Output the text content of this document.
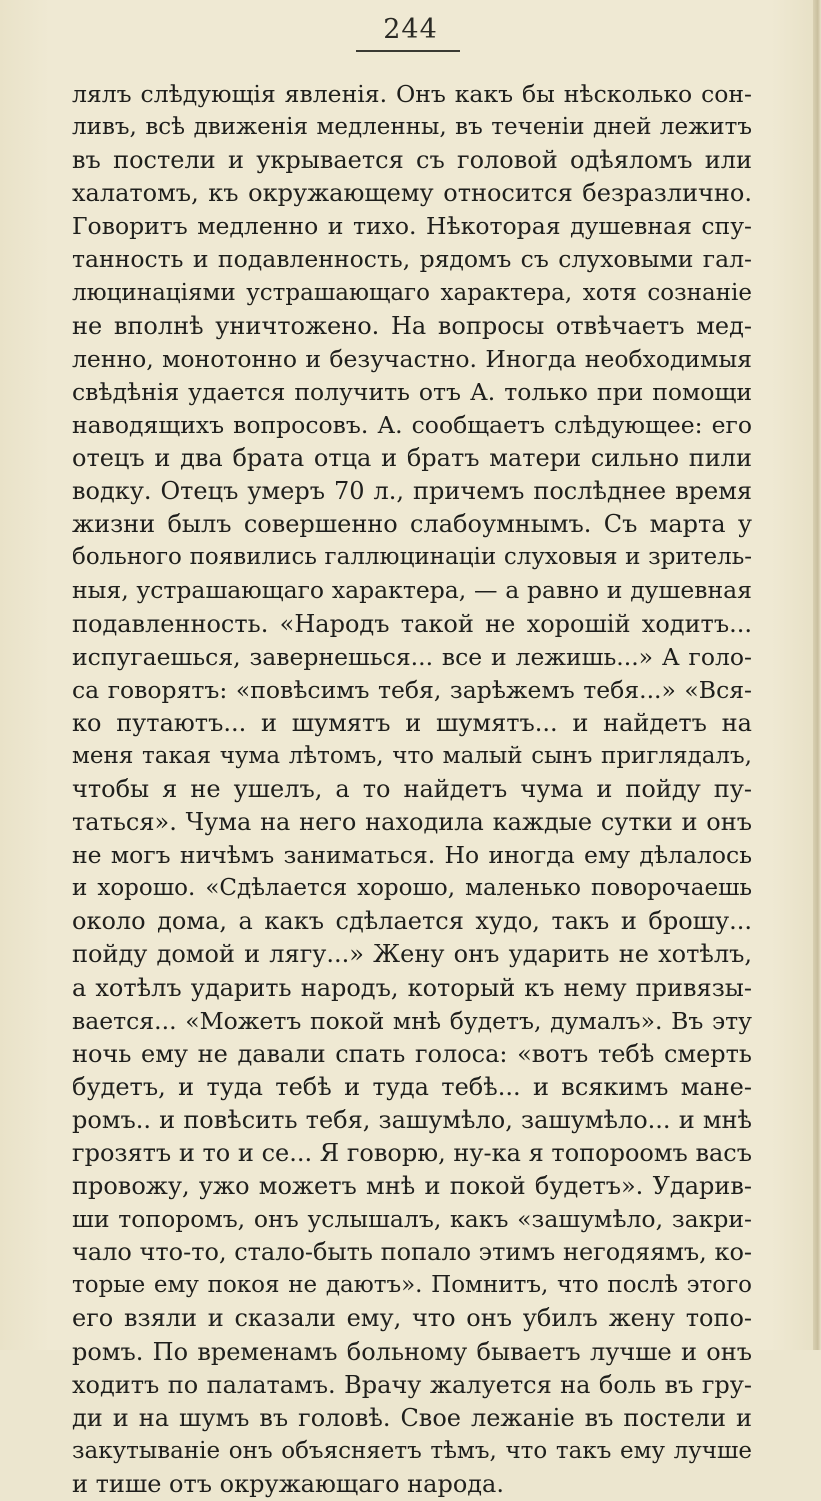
244
лялъ слѣдующія явленія. Онъ какъ бы нѣсколько сон-
ливъ, всѣ движенія медленны, въ теченіи дней лежитъ
въ постели и укрывается съ головой одѣяломъ или
халатомъ, къ окружающему относится безразлично.
Говоритъ медленно и тихо. Нѣкоторая душевная спу-
танность и подавленность, рядомъ съ слуховыми гал-
люцинаціями устрашающаго характера, хотя сознаніе
не вполнѣ уничтожено. На вопросы отвѣчаетъ мед-
ленно, монотонно и безучастно. Иногда необходимыя
свѣдѣнія удается получить отъ А. только при помощи
наводящихъ вопросовъ. А. сообщаетъ слѣдующее: его
отецъ и два брата отца и братъ матери сильно пили
водку. Отецъ умеръ 70 л., причемъ послѣднее время
жизни былъ совершенно слабоумнымъ. Съ марта у
больного появились галлюцинаціи слуховыя и зритель-
ныя, устрашающаго характера, — а равно и душевная
подавленность. «Народъ такой не хорошій ходитъ...
испугаешься, завернешься... все и лежишь...» А голо-
са говорятъ: «повѣсимъ тебя, зарѣжемъ тебя...» «Вся-
ко путаютъ... и шумятъ и шумятъ... и найдетъ на
меня такая чума лѣтомъ, что малый сынъ приглядалъ,
чтобы я не ушелъ, а то найдетъ чума и пойду пу-
таться». Чума на него находила каждые сутки и онъ
не могъ ничѣмъ заниматься. Но иногда ему дѣлалось
и хорошо. «Сдѣлается хорошо, маленько поворочаешь
около дома, а какъ сдѣлается худо, такъ и брошу...
пойду домой и лягу...» Жену онъ ударить не хотѣлъ,
а хотѣлъ ударить народъ, который къ нему привязы-
вается... «Можетъ покой мнѣ будетъ, думалъ». Въ эту
ночь ему не давали спать голоса: «вотъ тебѣ смерть
будетъ, и туда тебѣ и туда тебѣ... и всякимъ мане-
ромъ.. и повѣсить тебя, зашумѣло, зашумѣло... и мнѣ
грозятъ и то и се... Я говорю, ну-ка я топороомъ васъ
провожу, ужо можетъ мнѣ и покой будетъ». Ударив-
ши топоромъ, онъ услышалъ, какъ «зашумѣло, закри-
чало что-то, стало-быть попало этимъ негодяямъ, ко-
торые ему покоя не даютъ». Помнитъ, что послѣ этого
его взяли и сказали ему, что онъ убилъ жену топо-
ромъ. По временамъ больному бываетъ лучше и онъ
ходитъ по палатамъ. Врачу жалуется на боль въ гру-
ди и на шумъ въ головѣ. Свое лежаніе въ постели и
закутываніе онъ объясняетъ тѣмъ, что такъ ему лучше
и тише отъ окружающаго народа.
